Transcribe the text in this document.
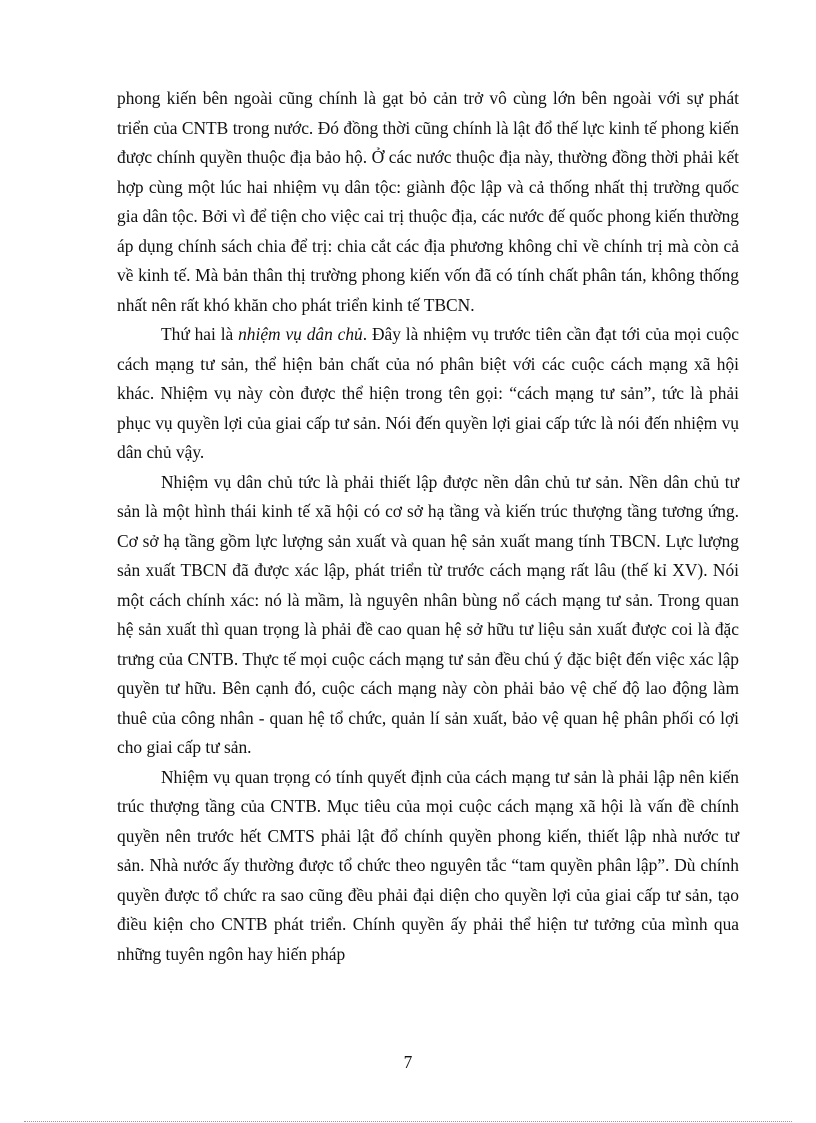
phong kiến bên ngoài cũng chính là gạt bỏ cản trở vô cùng lớn bên ngoài với sự phát triển của CNTB trong nước. Đó đồng thời cũng chính là lật đổ thế lực kinh tế phong kiến được chính quyền thuộc địa bảo hộ. Ở các nước thuộc địa này, thường đồng thời phải kết hợp cùng một lúc hai nhiệm vụ dân tộc: giành độc lập và cả thống nhất thị trường quốc gia dân tộc. Bởi vì để tiện cho việc cai trị thuộc địa, các nước đế quốc phong kiến thường áp dụng chính sách chia để trị: chia cắt các địa phương không chỉ về chính trị mà còn cả về kinh tế. Mà bản thân thị trường phong kiến vốn đã có tính chất phân tán, không thống nhất nên rất khó khăn cho phát triển kinh tế TBCN.

Thứ hai là nhiệm vụ dân chủ. Đây là nhiệm vụ trước tiên cần đạt tới của mọi cuộc cách mạng tư sản, thể hiện bản chất của nó phân biệt với các cuộc cách mạng xã hội khác. Nhiệm vụ này còn được thể hiện trong tên gọi: “cách mạng tư sản”, tức là phải phục vụ quyền lợi của giai cấp tư sản. Nói đến quyền lợi giai cấp tức là nói đến nhiệm vụ dân chủ vậy.

Nhiệm vụ dân chủ tức là phải thiết lập được nền dân chủ tư sản. Nền dân chủ tư sản là một hình thái kinh tế xã hội có cơ sở hạ tầng và kiến trúc thượng tầng tương ứng. Cơ sở hạ tầng gồm lực lượng sản xuất và quan hệ sản xuất mang tính TBCN. Lực lượng sản xuất TBCN đã được xác lập, phát triển từ trước cách mạng rất lâu (thế kỉ XV). Nói một cách chính xác: nó là mầm, là nguyên nhân bùng nổ cách mạng tư sản. Trong quan hệ sản xuất thì quan trọng là phải đề cao quan hệ sở hữu tư liệu sản xuất được coi là đặc trưng của CNTB. Thực tế mọi cuộc cách mạng tư sản đều chú ý đặc biệt đến việc xác lập quyền tư hữu. Bên cạnh đó, cuộc cách mạng này còn phải bảo vệ chế độ lao động làm thuê của công nhân - quan hệ tổ chức, quản lí sản xuất, bảo vệ quan hệ phân phối có lợi cho giai cấp tư sản.

Nhiệm vụ quan trọng có tính quyết định của cách mạng tư sản là phải lập nên kiến trúc thượng tầng của CNTB. Mục tiêu của mọi cuộc cách mạng xã hội là vấn đề chính quyền nên trước hết CMTS phải lật đổ chính quyền phong kiến, thiết lập nhà nước tư sản. Nhà nước ấy thường được tổ chức theo nguyên tắc “tam quyền phân lập”. Dù chính quyền được tổ chức ra sao cũng đều phải đại diện cho quyền lợi của giai cấp tư sản, tạo điều kiện cho CNTB phát triển. Chính quyền ấy phải thể hiện tư tưởng của mình qua những tuyên ngôn hay hiến pháp

7
